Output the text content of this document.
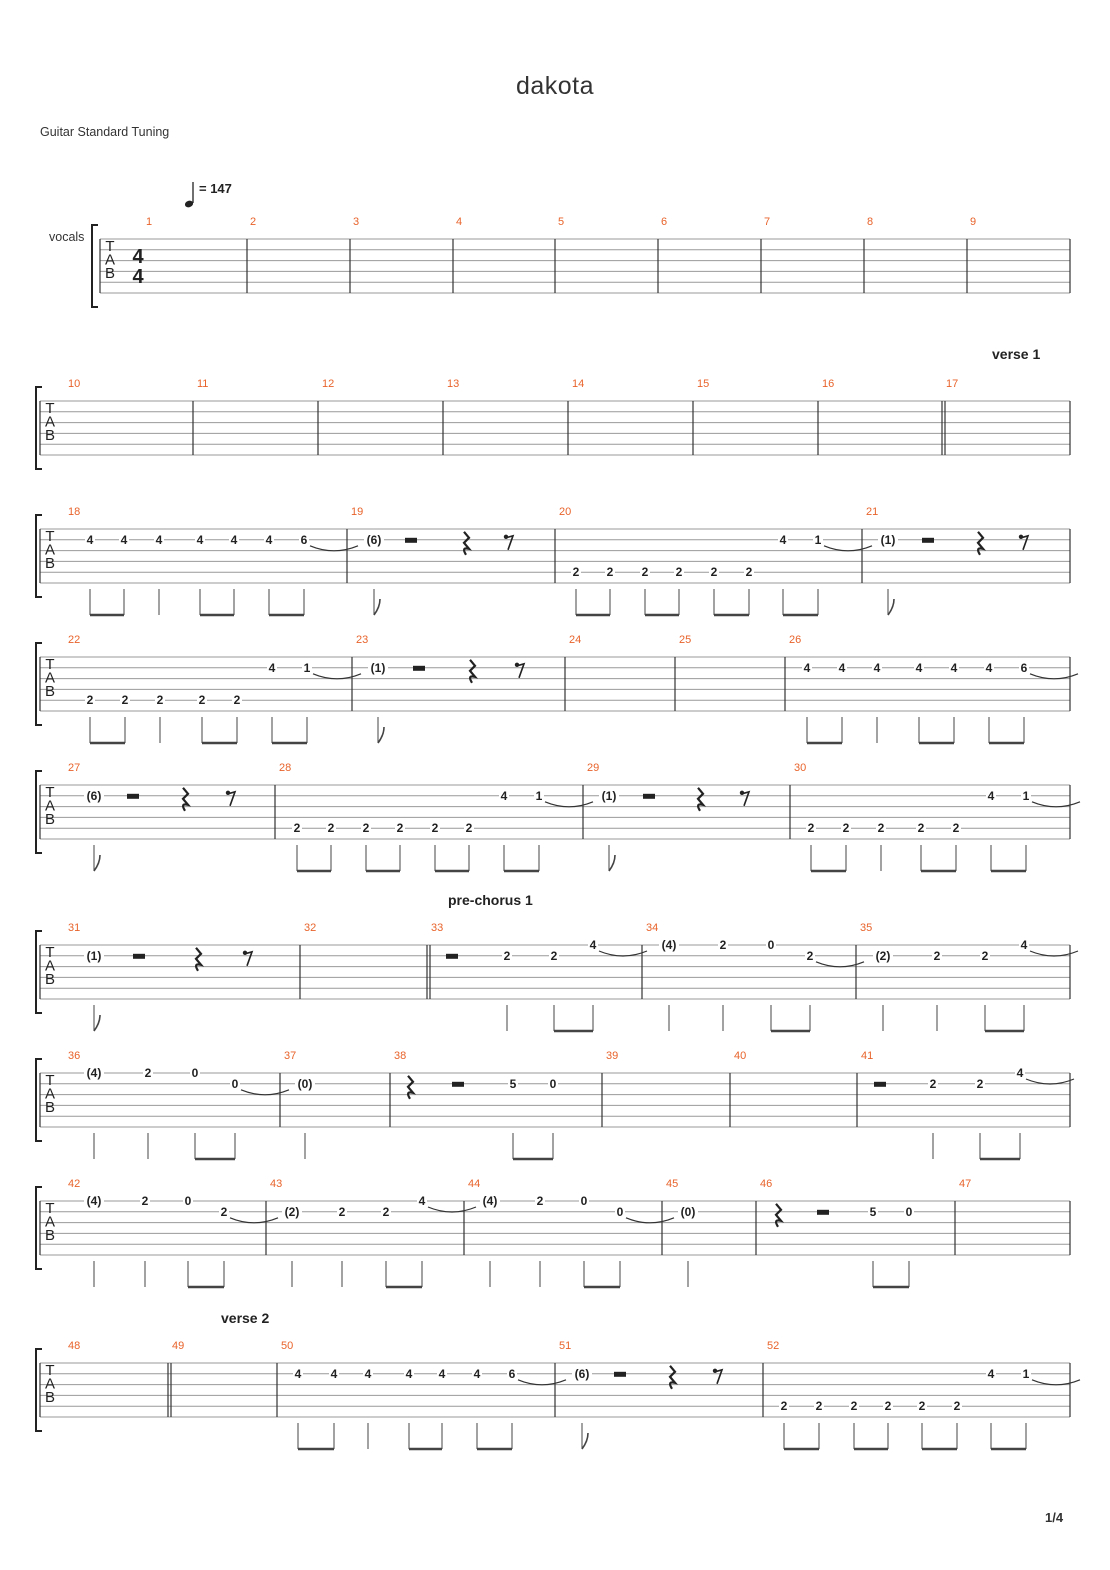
dakota
Guitar Standard Tuning
= 147
vocals
verse 1
pre-chorus 1
verse 2
1/4
T
A
B
4
4
1	2	3	4	5	6	7	8	9
T
A
B
10	11	12	13	14	15	16	17
T
A
B
18
4 4 4	4 4 4 6
19
(6)
20
2 2 2 2 2 2
4 1
21
(1)
T
A
B
22
2 2 2	2 2
4 1
23
(1)
24	25	26
4 4 4	4 4 4 6
T
A
B
27
(6)
28
2 2 2 2 2 2
4 1
29
(1)
30
2 2 2	2 2
4 1
T
A
B
31
(1)
32	33
2	2
4
34
(4)	2	0
2
35
(2)	2	2
4
T
A
B
36
(4)	2	0
0
37
(0)
38
5	0
39	40	41
2	2
4
T
A
B
42
(4)	2	0
2
43
(2)	2	2
4
44
(4)	2	0
0
45
(0)
46
5 0
47
T
A
B
48	49	50
4 4 4	4 4 4 6
51
(6)
52
2 2 2 2 2 2
4 1
